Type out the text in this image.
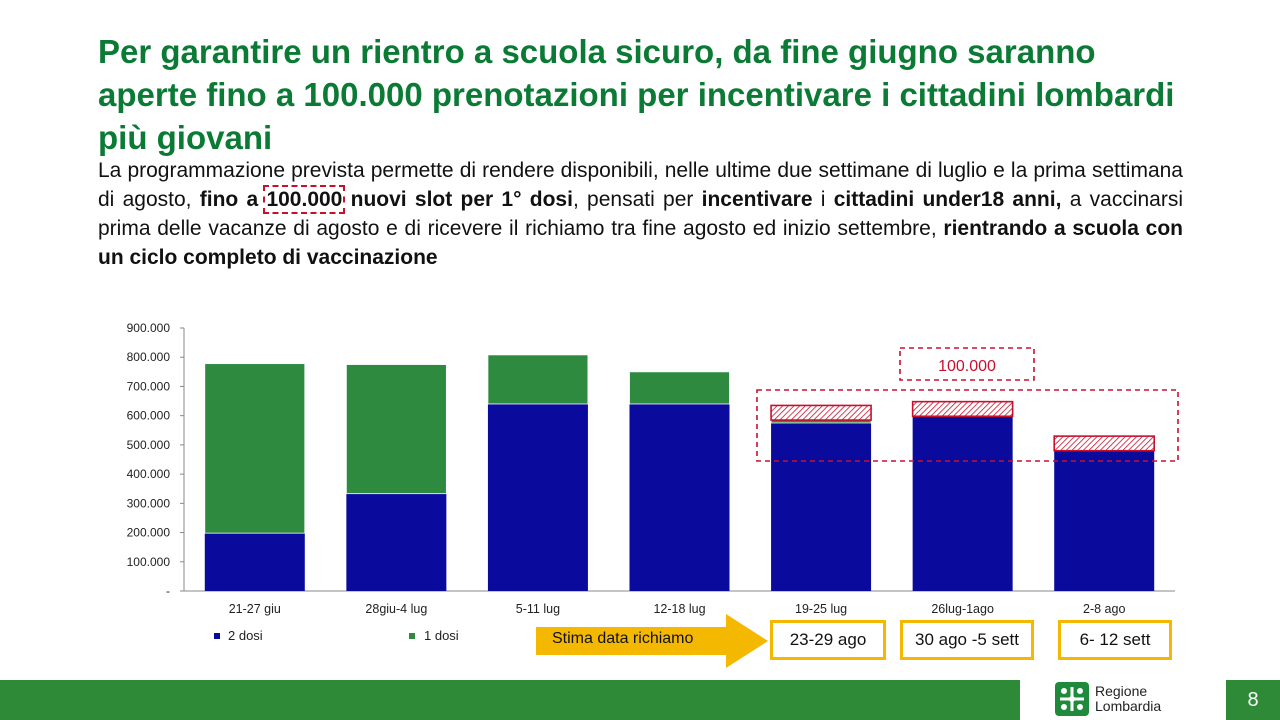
Per garantire un rientro a scuola sicuro, da fine giugno saranno aperte fino a 100.000 prenotazioni per incentivare i cittadini lombardi più giovani
La programmazione prevista permette di rendere disponibili, nelle ultime due settimane di luglio e la prima settimana di agosto, fino a 100.000 nuovi slot per 1° dosi, pensati per incentivare i cittadini under18 anni, a vaccinarsi prima delle vacanze di agosto e di ricevere il richiamo tra fine agosto ed inizio settembre, rientrando a scuola con un ciclo completo di vaccinazione
-
100.000
200.000
300.000
400.000
500.000
600.000
700.000
800.000
900.000
21-27 giu	28giu-4 lug	5-11 lug	12-18 lug	19-25 lug	26lug-1ago	2-8 ago
100.000
2 dosi	1 dosi	Stima data richiamo	23-29 ago	30 ago -5 sett	6- 12 sett
Regione
Lombardia	8
